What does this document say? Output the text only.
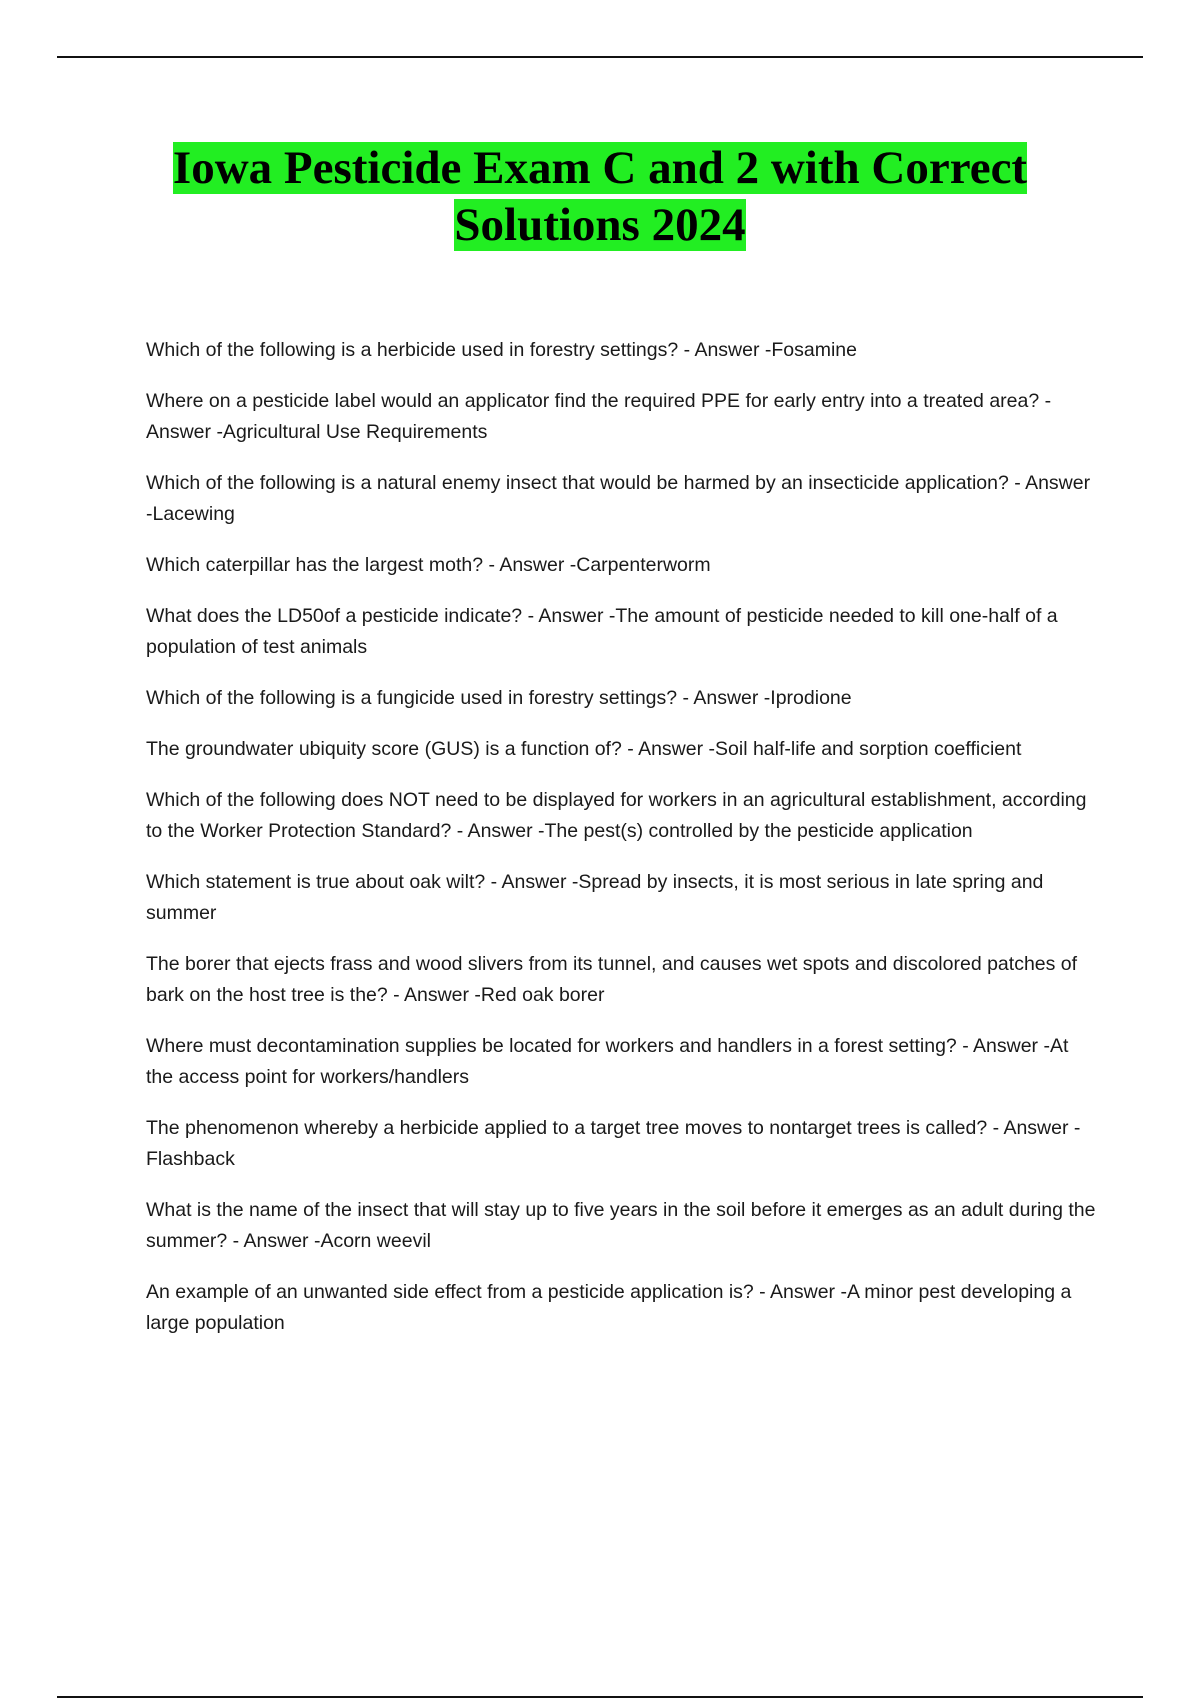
Iowa Pesticide Exam C and 2 with Correct
Solutions 2024

Which of the following is a herbicide used in forestry settings? - Answer -Fosamine

Where on a pesticide label would an applicator find the required PPE for early entry into a treated area? - Answer -Agricultural Use Requirements

Which of the following is a natural enemy insect that would be harmed by an insecticide application? - Answer -Lacewing

Which caterpillar has the largest moth? - Answer -Carpenterworm

What does the LD50of a pesticide indicate? - Answer -The amount of pesticide needed to kill one-half of a population of test animals

Which of the following is a fungicide used in forestry settings? - Answer -Iprodione

The groundwater ubiquity score (GUS) is a function of? - Answer -Soil half-life and sorption coefficient

Which of the following does NOT need to be displayed for workers in an agricultural establishment, according to the Worker Protection Standard? - Answer -The pest(s) controlled by the pesticide application

Which statement is true about oak wilt? - Answer -Spread by insects, it is most serious in late spring and summer

The borer that ejects frass and wood slivers from its tunnel, and causes wet spots and discolored patches of bark on the host tree is the? - Answer -Red oak borer

Where must decontamination supplies be located for workers and handlers in a forest setting? - Answer -At the access point for workers/handlers

The phenomenon whereby a herbicide applied to a target tree moves to nontarget trees is called? - Answer -Flashback

What is the name of the insect that will stay up to five years in the soil before it emerges as an adult during the summer? - Answer -Acorn weevil

An example of an unwanted side effect from a pesticide application is? - Answer -A minor pest developing a large population
